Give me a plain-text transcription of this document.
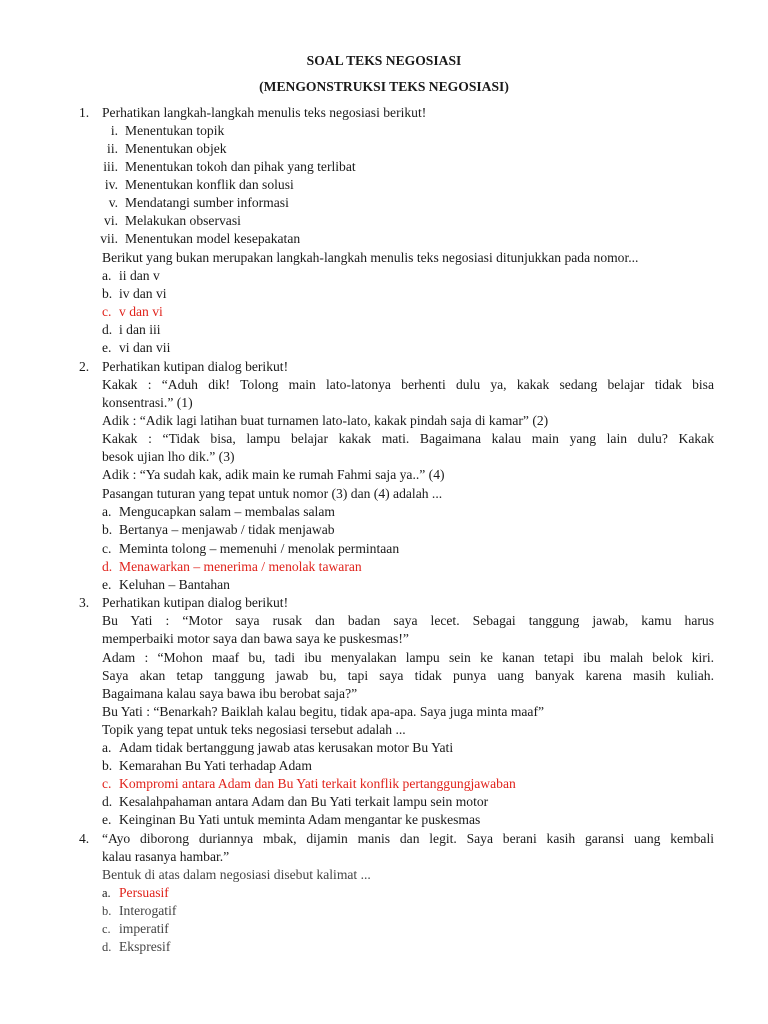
SOAL TEKS NEGOSIASI
(MENGONSTRUKSI TEKS NEGOSIASI)
1. Perhatikan langkah-langkah menulis teks negosiasi berikut!
i. Menentukan topik
ii. Menentukan objek
iii. Menentukan tokoh dan pihak yang terlibat
iv. Menentukan konflik dan solusi
v. Mendatangi sumber informasi
vi. Melakukan observasi
vii. Menentukan model kesepakatan
Berikut yang bukan merupakan langkah-langkah menulis teks negosiasi ditunjukkan pada nomor...
a. ii dan v
b. iv dan vi
c. v dan vi
d. i dan iii
e. vi dan vii
2. Perhatikan kutipan dialog berikut!
Kakak : “Aduh dik! Tolong main lato-latonya berhenti dulu ya, kakak sedang belajar tidak bisa
konsentrasi.” (1)
Adik : “Adik lagi latihan buat turnamen lato-lato, kakak pindah saja di kamar” (2)
Kakak : “Tidak bisa, lampu belajar kakak mati. Bagaimana kalau main yang lain dulu? Kakak
besok ujian lho dik.” (3)
Adik : “Ya sudah kak, adik main ke rumah Fahmi saja ya..” (4)
Pasangan tuturan yang tepat untuk nomor (3) dan (4) adalah ...
a. Mengucapkan salam – membalas salam
b. Bertanya – menjawab / tidak menjawab
c. Meminta tolong – memenuhi / menolak permintaan
d. Menawarkan – menerima / menolak tawaran
e. Keluhan – Bantahan
3. Perhatikan kutipan dialog berikut!
Bu Yati : “Motor saya rusak dan badan saya lecet. Sebagai tanggung jawab, kamu harus
memperbaiki motor saya dan bawa saya ke puskesmas!”
Adam : “Mohon maaf bu, tadi ibu menyalakan lampu sein ke kanan tetapi ibu malah belok kiri.
Saya akan tetap tanggung jawab bu, tapi saya tidak punya uang banyak karena masih kuliah.
Bagaimana kalau saya bawa ibu berobat saja?”
Bu Yati : “Benarkah? Baiklah kalau begitu, tidak apa-apa. Saya juga minta maaf”
Topik yang tepat untuk teks negosiasi tersebut adalah ...
a. Adam tidak bertanggung jawab atas kerusakan motor Bu Yati
b. Kemarahan Bu Yati terhadap Adam
c. Kompromi antara Adam dan Bu Yati terkait konflik pertanggungjawaban
d. Kesalahpahaman antara Adam dan Bu Yati terkait lampu sein motor
e. Keinginan Bu Yati untuk meminta Adam mengantar ke puskesmas
4. “Ayo diborong duriannya mbak, dijamin manis dan legit. Saya berani kasih garansi uang kembali
kalau rasanya hambar.”
Bentuk di atas dalam negosiasi disebut kalimat ...
a. Persuasif
b. Interogatif
c. imperatif
d. Ekspresif
